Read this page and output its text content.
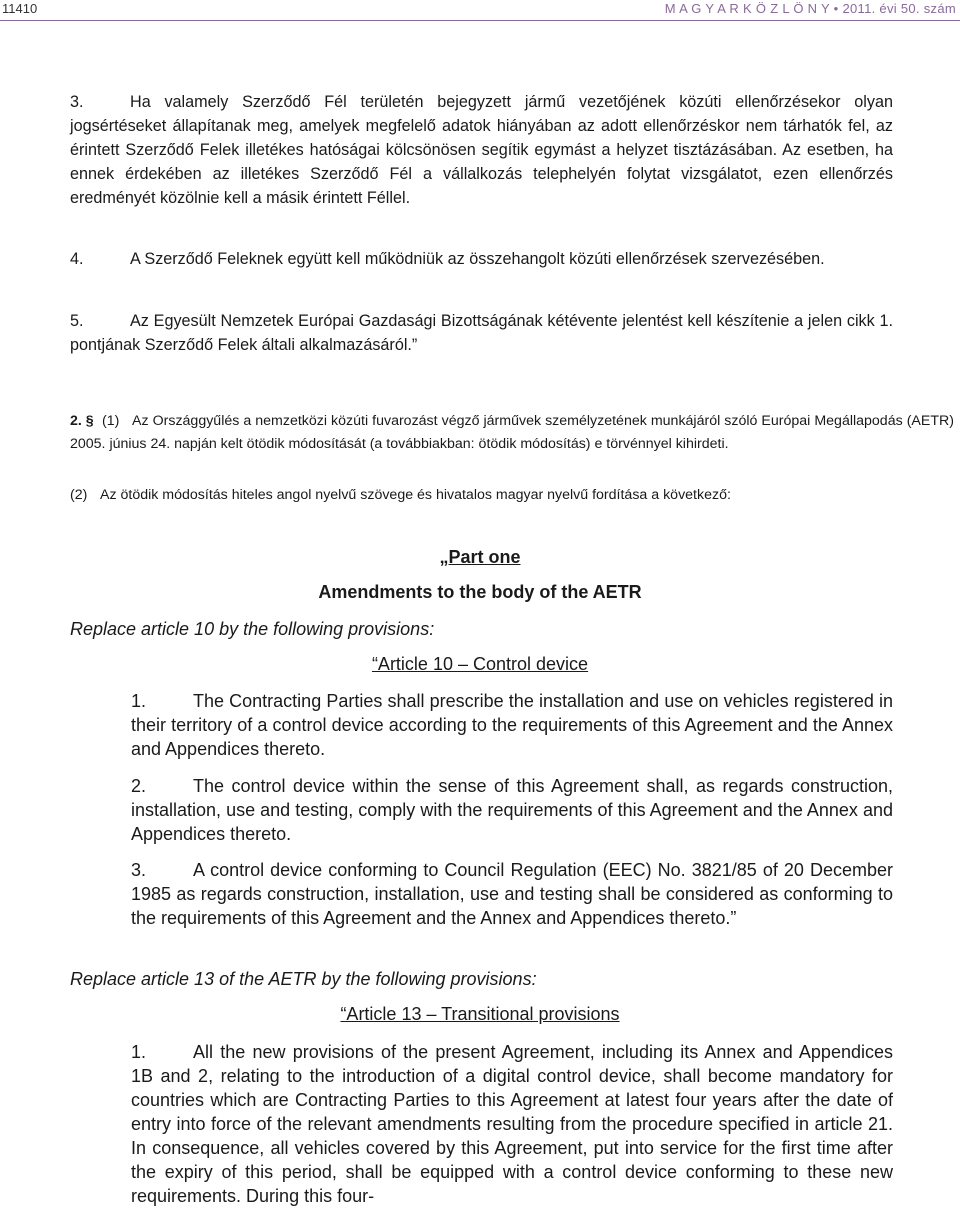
11410	M A G Y A R K Ö Z L Ö N Y • 2011. évi 50. szám
3.	Ha valamely Szerződő Fél területén bejegyzett jármű vezetőjének közúti ellenőrzésekor olyan jogsértéseket állapítanak meg, amelyek megfelelő adatok hiányában az adott ellenőrzéskor nem tárhatók fel, az érintett Szerződő Felek illetékes hatóságai kölcsönösen segítik egymást a helyzet tisztázásában. Az esetben, ha ennek érdekében az illetékes Szerződő Fél a vállalkozás telephelyén folytat vizsgálatot, ezen ellenőrzés eredményét közölnie kell a másik érintett Féllel.
4.	A Szerződő Feleknek együtt kell működniük az összehangolt közúti ellenőrzések szervezésében.
5.	Az Egyesült Nemzetek Európai Gazdasági Bizottságának kétévente jelentést kell készítenie a jelen cikk 1. pontjának Szerződő Felek általi alkalmazásáról.”
2. § (1) Az Országgyűlés a nemzetközi közúti fuvarozást végző járművek személyzetének munkájáról szóló Európai Megállapodás (AETR) 2005. június 24. napján kelt ötödik módosítását (a továbbiakban: ötödik módosítás) e törvénnyel kihirdeti.
(2) Az ötödik módosítás hiteles angol nyelvű szövege és hivatalos magyar nyelvű fordítása a következő:
„Part one
Amendments to the body of the AETR
Replace article 10 by the following provisions:
“Article 10 – Control device
1.	The Contracting Parties shall prescribe the installation and use on vehicles registered in their territory of a control device according to the requirements of this Agreement and the Annex and Appendices thereto.
2.	The control device within the sense of this Agreement shall, as regards construction, installation, use and testing, comply with the requirements of this Agreement and the Annex and Appendices thereto.
3.	A control device conforming to Council Regulation (EEC) No. 3821/85 of 20 December 1985 as regards construction, installation, use and testing shall be considered as conforming to the requirements of this Agreement and the Annex and Appendices thereto.”
Replace article 13 of the AETR by the following provisions:
“Article 13 – Transitional provisions
1.	All the new provisions of the present Agreement, including its Annex and Appendices 1B and 2, relating to the introduction of a digital control device, shall become mandatory for countries which are Contracting Parties to this Agreement at latest four years after the date of entry into force of the relevant amendments resulting from the procedure specified in article 21. In consequence, all vehicles covered by this Agreement, put into service for the first time after the expiry of this period, shall be equipped with a control device conforming to these new requirements. During this four-
